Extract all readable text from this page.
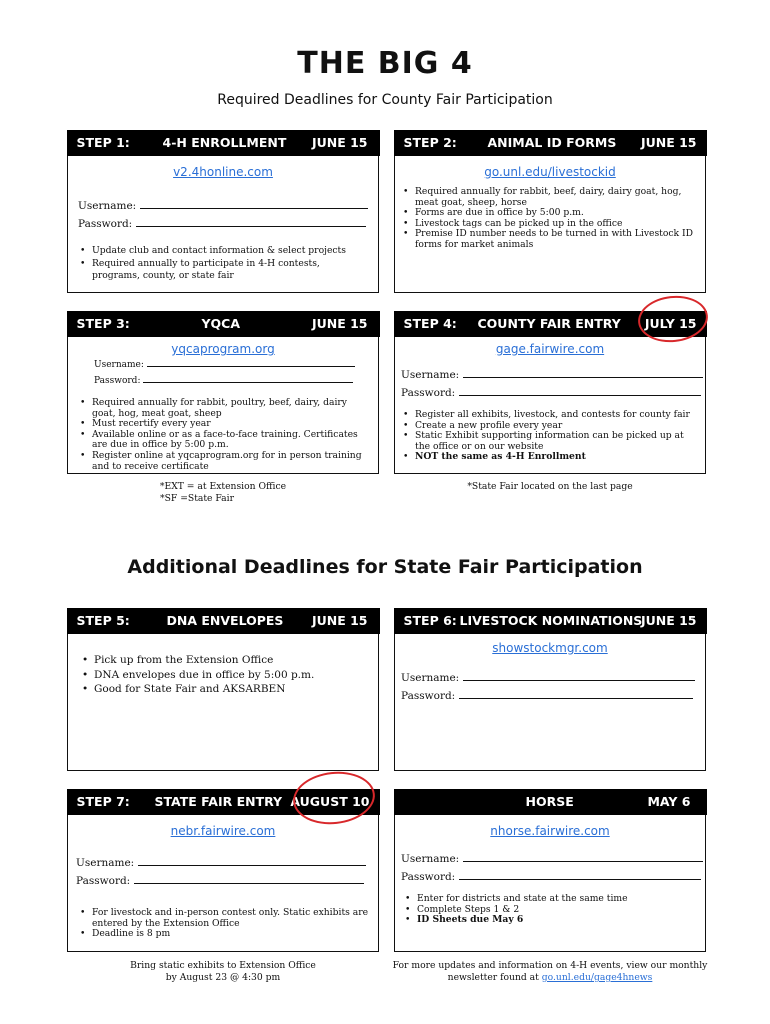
THE BIG 4
Required Deadlines for County Fair Participation
STEP 1:	4-H ENROLLMENT JUNE 15
v2.4honline.com
Username:
Password:
• Update club and contact information & select projects
• Required annually to participate in 4-H contests, programs, county, or state fair
STEP 2: ANIMAL ID FORMS JUNE 15
go.unl.edu/livestockid
• Required annually for rabbit, beef, dairy, dairy goat, hog, meat goat, sheep, horse
• Forms are due in office by 5:00 p.m.
• Livestock tags can be picked up in the office
• Premise ID number needs to be turned in with Livestock ID forms for market animals
STEP 3:	YQCA	JUNE 15
yqcaprogram.org
Username:
Password:
• Required annually for rabbit, poultry, beef, dairy, dairy goat, hog, meat goat, sheep
• Must recertify every year
• Available online or as a face-to-face training. Certificates are due in office by 5:00 p.m.
• Register online at yqcaprogram.org for in person training and to receive certificate
*EXT = at Extension Office
*SF =State Fair
STEP 4: COUNTY FAIR ENTRY JULY 15
gage.fairwire.com
Username:
Password:
• Register all exhibits, livestock, and contests for county fair
• Create a new profile every year
• Static Exhibit supporting information can be picked up at the office or on our website
• NOT the same as 4-H Enrollment
*State Fair located on the last page
Additional Deadlines for State Fair Participation
STEP 5:	DNA ENVELOPES JUNE 15
• Pick up from the Extension Office
• DNA envelopes due in office by 5:00 p.m.
• Good for State Fair and AKSARBEN
STEP 6: LIVESTOCK NOMINATIONS
JUNE 15
showstockmgr.com
Username:
Password:
STEP 7: STATE FAIR ENTRY AUGUST 10
nebr.fairwire.com
Username:
Password:
• For livestock and in-person contest only. Static exhibits are entered by the Extension Office
• Deadline is 8 pm
Bring static exhibits to Extension Office
by August 23 @ 4:30 pm
HORSE	MAY 6
nhorse.fairwire.com
Username:
Password:
• Enter for districts and state at the same time
• Complete Steps 1 & 2
• ID Sheets due May 6
For more updates and information on 4-H events, view our monthly
newsletter found at go.unl.edu/gage4hnews
